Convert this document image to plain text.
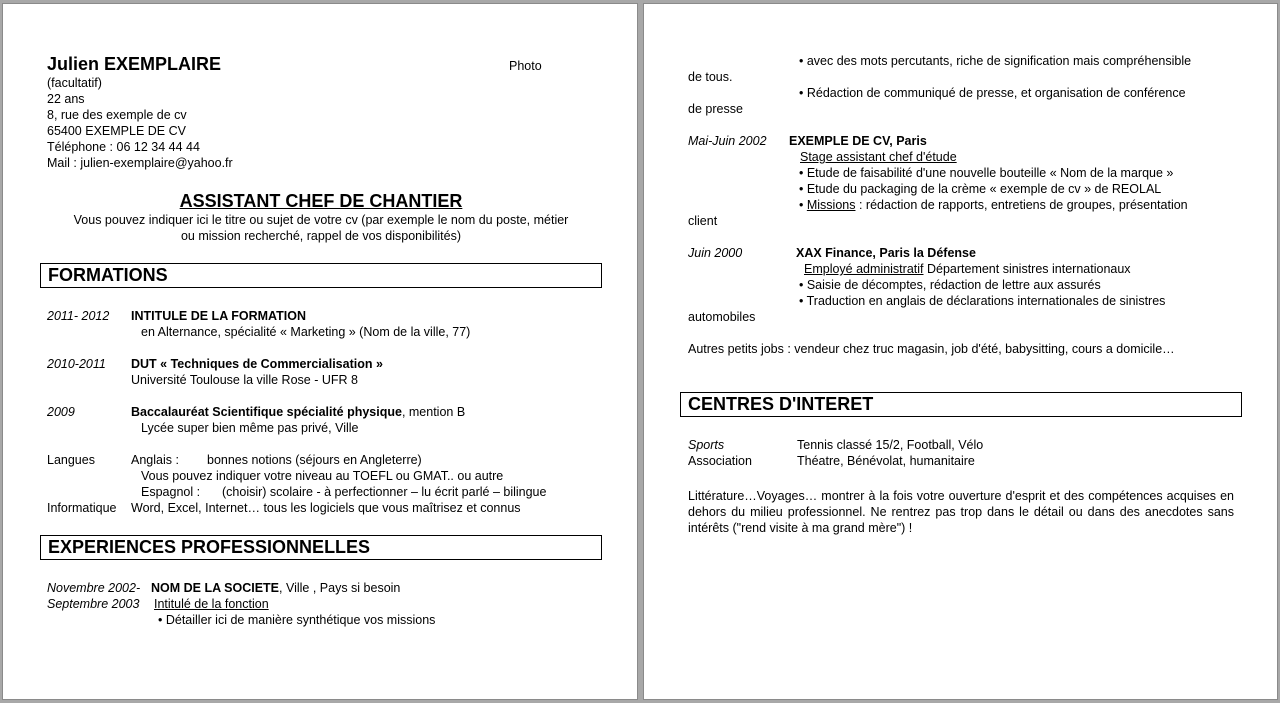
Julien EXEMPLAIRE	Photo
(facultatif)
22 ans
8, rue des exemple de cv
65400 EXEMPLE DE CV
Téléphone : 06 12 34 44 44
Mail : julien-exemplaire@yahoo.fr
ASSISTANT CHEF DE CHANTIER
Vous pouvez indiquer ici le titre ou sujet de votre cv (par exemple le nom du poste, métier
ou mission recherché, rappel de vos disponibilités)
FORMATIONS
2011- 2012 INTITULE DE LA FORMATION
en Alternance, spécialité « Marketing » (Nom de la ville, 77)
2010-2011 DUT « Techniques de Commercialisation »
Université Toulouse la ville Rose - UFR 8
2009	Baccalauréat Scientifique spécialité physique, mention B
Lycée super bien même pas privé, Ville
Langues	Anglais : bonnes notions (séjours en Angleterre)
Vous pouvez indiquer votre niveau au TOEFL ou GMAT.. ou autre
Espagnol : (choisir) scolaire - à perfectionner – lu écrit parlé – bilingue
Informatique Word, Excel, Internet… tous les logiciels que vous maîtrisez et connus
EXPERIENCES PROFESSIONNELLES
Novembre 2002- NOM DE LA SOCIETE, Ville , Pays si besoin
Septembre 2003 Intitulé de la fonction
• Détailler ici de manière synthétique vos missions
• avec des mots percutants, riche de signification mais compréhensible
de tous.
• Rédaction de communiqué de presse, et organisation de conférence
de presse
Mai-Juin 2002 EXEMPLE DE CV, Paris
Stage assistant chef d'étude
• Etude de faisabilité d'une nouvelle bouteille « Nom de la marque »
• Etude du packaging de la crème « exemple de cv » de REOLAL
• Missions : rédaction de rapports, entretiens de groupes, présentation
client
Juin 2000	XAX Finance, Paris la Défense
Employé administratif Département sinistres internationaux
• Saisie de décomptes, rédaction de lettre aux assurés
• Traduction en anglais de déclarations internationales de sinistres
automobiles
Autres petits jobs : vendeur chez truc magasin, job d'été, babysitting, cours a domicile…
CENTRES D'INTERET
Sports	Tennis classé 15/2, Football, Vélo
Association	Théatre, Bénévolat, humanitaire
Littérature…Voyages… montrer à la fois votre ouverture d'esprit et des compétences acquises en dehors du milieu professionnel. Ne rentrez pas trop dans le détail ou dans des anecdotes sans intérêts ("rend visite à ma grand mère") !
